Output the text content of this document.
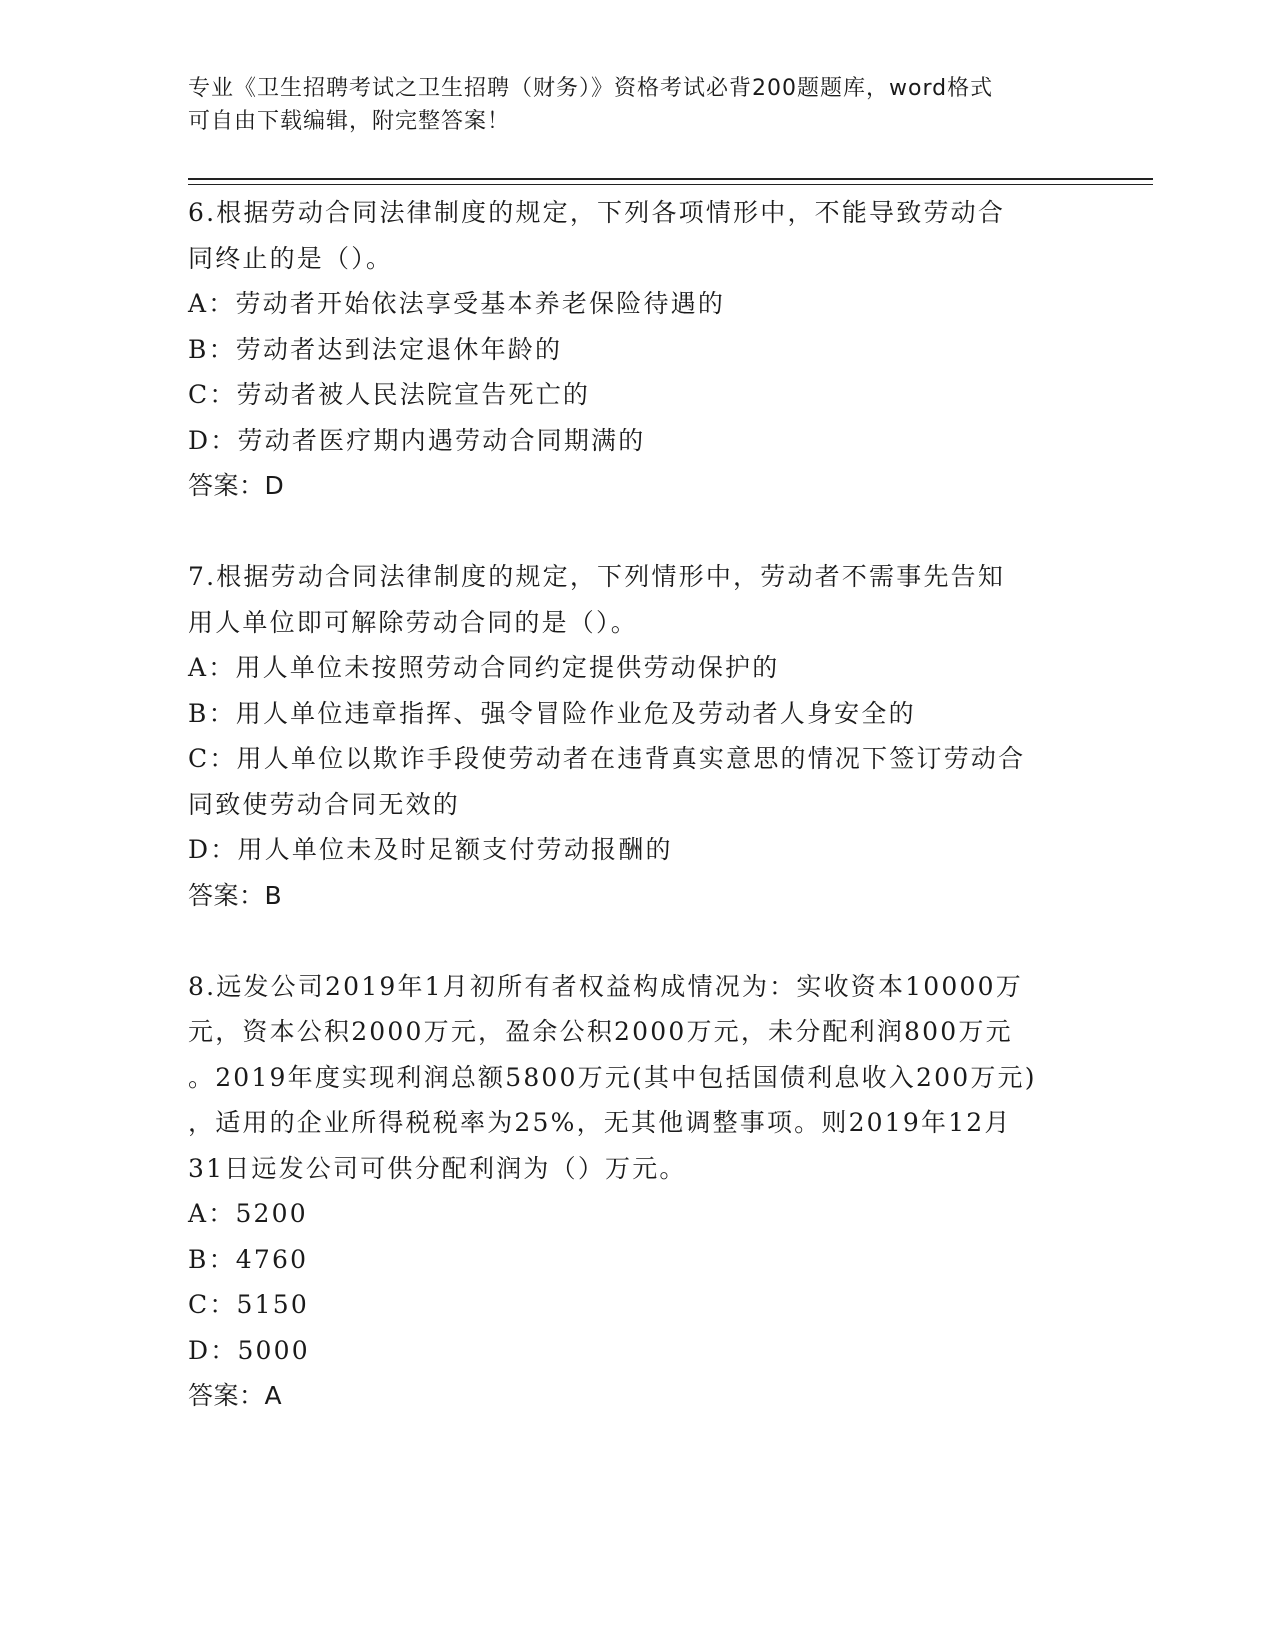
专业《卫生招聘考试之卫生招聘（财务）》资格考试必背200题题库，word格式
可自由下载编辑，附完整答案！
6.根据劳动合同法律制度的规定，下列各项情形中，不能导致劳动合
同终止的是（）。
A：劳动者开始依法享受基本养老保险待遇的
B：劳动者达到法定退休年龄的
C：劳动者被人民法院宣告死亡的
D：劳动者医疗期内遇劳动合同期满的
答案：D
7.根据劳动合同法律制度的规定，下列情形中，劳动者不需事先告知
用人单位即可解除劳动合同的是（）。
A：用人单位未按照劳动合同约定提供劳动保护的
B：用人单位违章指挥、强令冒险作业危及劳动者人身安全的
C：用人单位以欺诈手段使劳动者在违背真实意思的情况下签订劳动合
同致使劳动合同无效的
D：用人单位未及时足额支付劳动报酬的
答案：B
8.远发公司2019年1月初所有者权益构成情况为：实收资本10000万
元，资本公积2000万元，盈余公积2000万元，未分配利润800万元
。2019年度实现利润总额5800万元(其中包括国债利息收入200万元)
，适用的企业所得税税率为25%，无其他调整事项。则2019年12月
31日远发公司可供分配利润为（）万元。
A：5200
B：4760
C：5150
D：5000
答案：A
